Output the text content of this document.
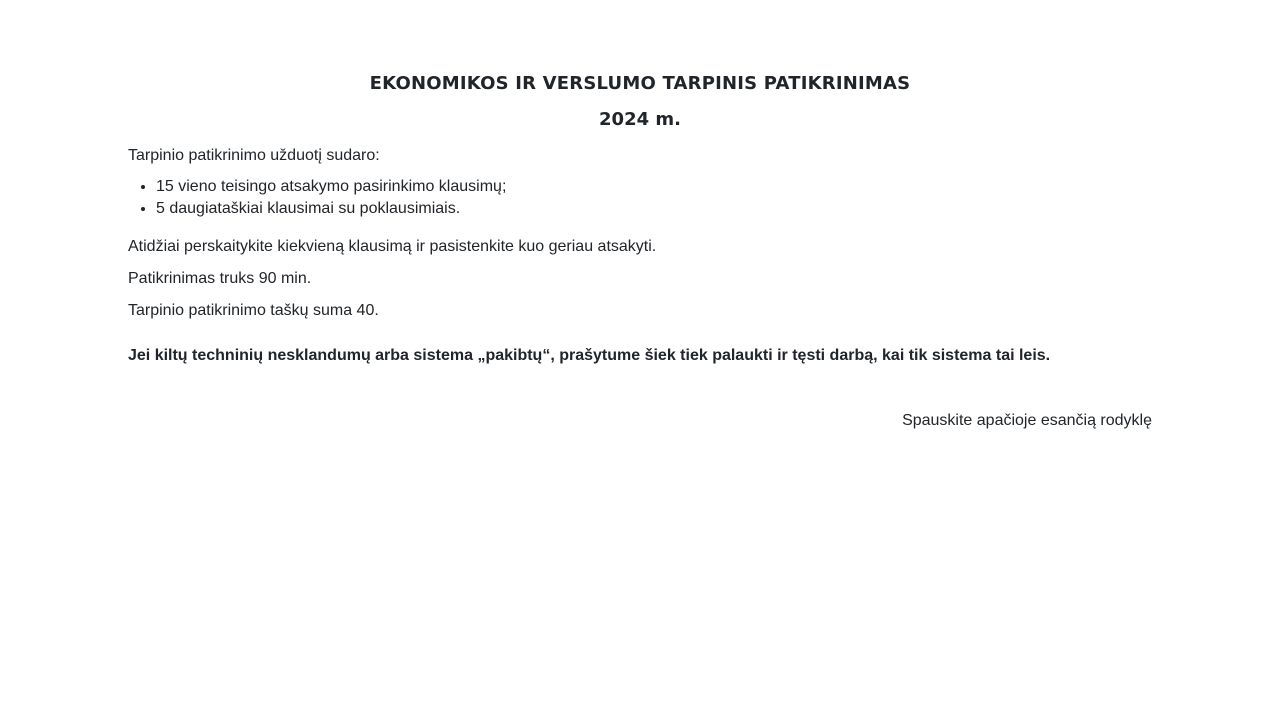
EKONOMIKOS IR VERSLUMO TARPINIS PATIKRINIMAS
2024 m.

Tarpinio patikrinimo užduotį sudaro:

• 15 vieno teisingo atsakymo pasirinkimo klausimų;
• 5 daugiataškiai klausimai su poklausimiais.

Atidžiai perskaitykite kiekvieną klausimą ir pasistenkite kuo geriau atsakyti.

Patikrinimas truks 90 min.

Tarpinio patikrinimo taškų suma 40.

Jei kiltų techninių nesklandumų arba sistema „pakibtų“, prašytume šiek tiek palaukti ir tęsti darbą, kai tik sistema tai leis.

Spauskite apačioje esančią rodyklę
